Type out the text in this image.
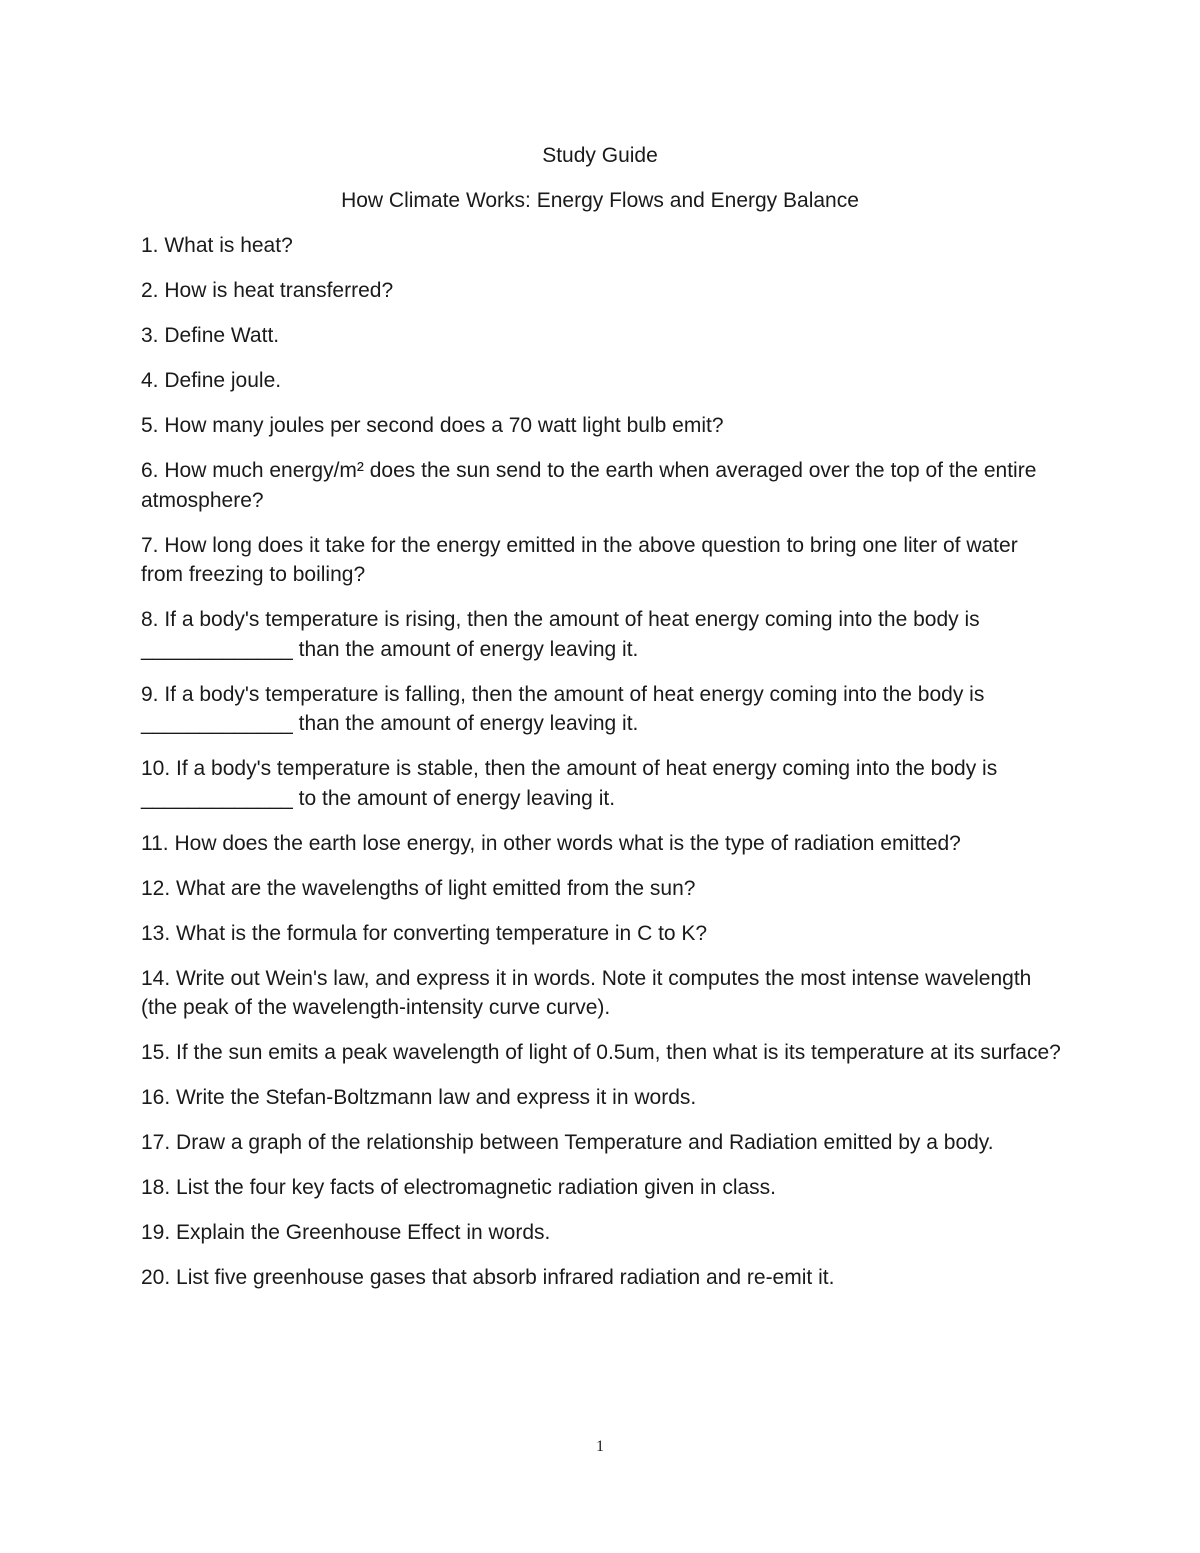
Study Guide
How Climate Works: Energy Flows and Energy Balance

1. What is heat?

2. How is heat transferred?

3. Define Watt.

4. Define joule.

5. How many joules per second does a 70 watt light bulb emit?

6. How much energy/m² does the sun send to the earth when averaged over the top of the entire atmosphere?

7. How long does it take for the energy emitted in the above question to bring one liter of water from freezing to boiling?

8. If a body's temperature is rising, then the amount of heat energy coming into the body is _____________ than the amount of energy leaving it.

9. If a body's temperature is falling, then the amount of heat energy coming into the body is _____________ than the amount of energy leaving it.

10. If a body's temperature is stable, then the amount of heat energy coming into the body is _____________ to the amount of energy leaving it.

11. How does the earth lose energy, in other words what is the type of radiation emitted?

12. What are the wavelengths of light emitted from the sun?

13. What is the formula for converting temperature in C to K?

14. Write out Wein's law, and express it in words. Note it computes the most intense wavelength (the peak of the wavelength-intensity curve curve).

15. If the sun emits a peak wavelength of light of 0.5um, then what is its temperature at its surface?

16. Write the Stefan-Boltzmann law and express it in words.

17. Draw a graph of the relationship between Temperature and Radiation emitted by a body.

18. List the four key facts of electromagnetic radiation given in class.

19. Explain the Greenhouse Effect in words.

20. List five greenhouse gases that absorb infrared radiation and re-emit it.

1
